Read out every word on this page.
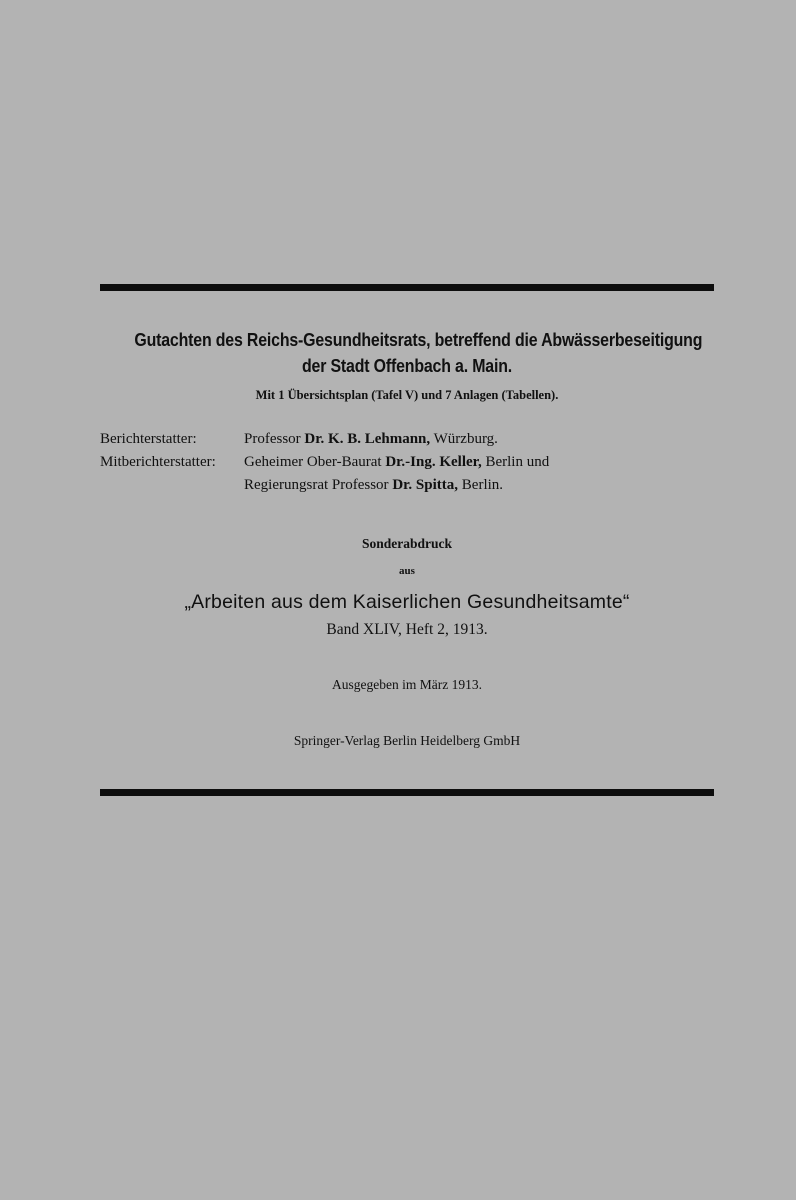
Gutachten des Reichs-Gesundheitsrats, betreffend die Abwässerbeseitigung
der Stadt Offenbach a. Main.
Mit 1 Übersichtsplan (Tafel V) und 7 Anlagen (Tabellen).
Berichterstatter:	Professor Dr. K. B. Lehmann, Würzburg.
Mitberichterstatter:	Geheimer Ober-Baurat Dr.-Ing. Keller, Berlin und
Regierungsrat Professor Dr. Spitta, Berlin.
Sonderabdruck
aus
„Arbeiten aus dem Kaiserlichen Gesundheitsamte“
Band XLIV, Heft 2, 1913.
Ausgegeben im März 1913.
Springer-Verlag Berlin Heidelberg GmbH
